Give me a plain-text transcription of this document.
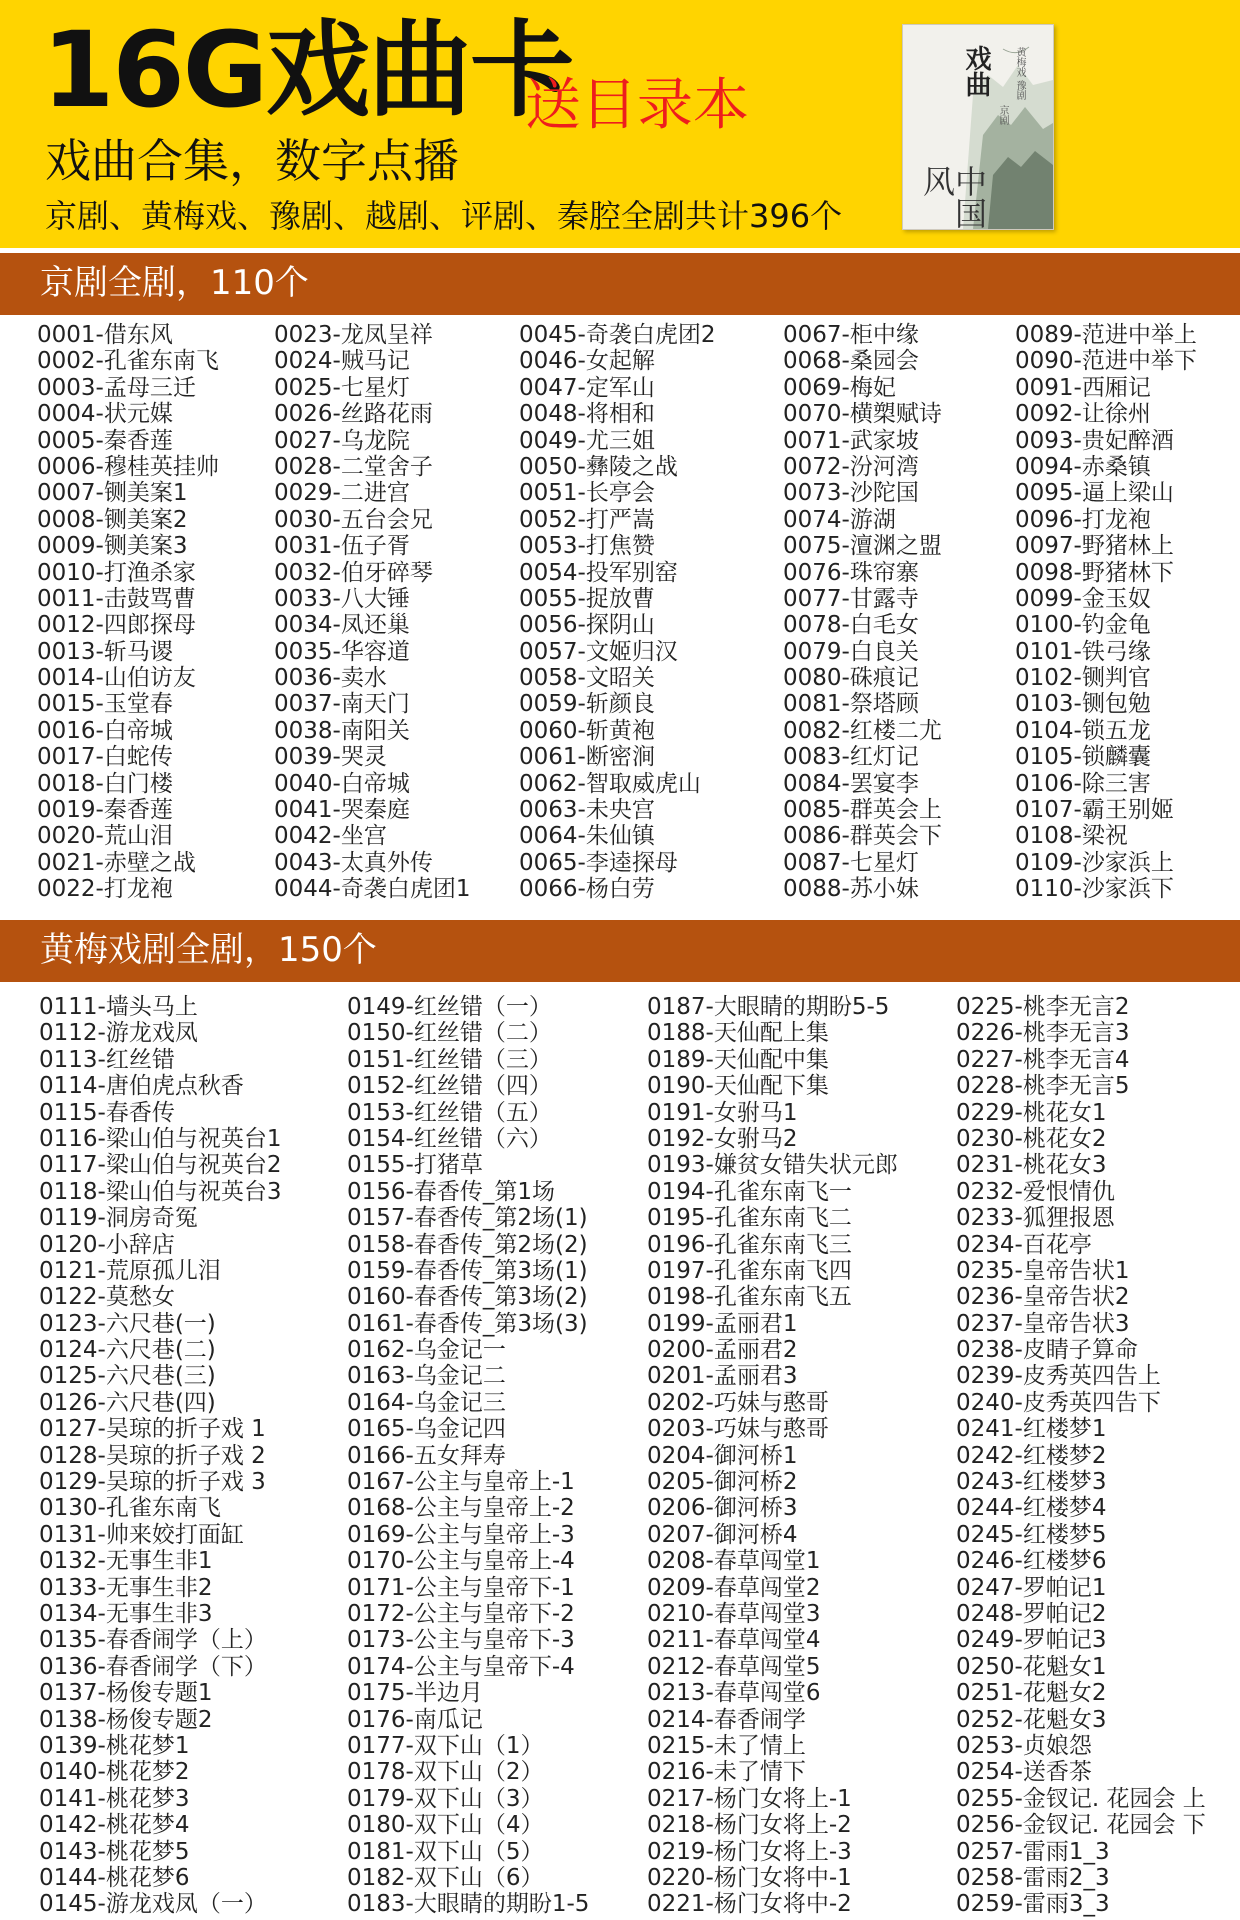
16G戏曲卡
送目录本
戏曲合集，数字点播
京剧、黄梅戏、豫剧、越剧、评剧、秦腔全剧共计396个
戏曲 黄梅戏 豫剧
京剧
中国风
京剧全剧，110个
0001-借东风
0002-孔雀东南飞
0003-孟母三迁
0004-状元媒
0005-秦香莲
0006-穆桂英挂帅
0007-铡美案1
0008-铡美案2
0009-铡美案3
0010-打渔杀家
0011-击鼓骂曹
0012-四郎探母
0013-斩马谡
0014-山伯访友
0015-玉堂春
0016-白帝城
0017-白蛇传
0018-白门楼
0019-秦香莲
0020-荒山泪
0021-赤壁之战
0022-打龙袍
0023-龙凤呈祥
0024-贼马记
0025-七星灯
0026-丝路花雨
0027-乌龙院
0028-二堂舍子
0029-二进宫
0030-五台会兄
0031-伍子胥
0032-伯牙碎琴
0033-八大锤
0034-凤还巢
0035-华容道
0036-卖水
0037-南天门
0038-南阳关
0039-哭灵
0040-白帝城
0041-哭秦庭
0042-坐宫
0043-太真外传
0044-奇袭白虎团1
0045-奇袭白虎团2
0046-女起解
0047-定军山
0048-将相和
0049-尤三姐
0050-彝陵之战
0051-长亭会
0052-打严嵩
0053-打焦赞
0054-投军别窑
0055-捉放曹
0056-探阴山
0057-文姬归汉
0058-文昭关
0059-斩颜良
0060-斩黄袍
0061-断密涧
0062-智取威虎山
0063-未央宫
0064-朱仙镇
0065-李逵探母
0066-杨白劳
0067-柜中缘
0068-桑园会
0069-梅妃
0070-横槊赋诗
0071-武家坡
0072-汾河湾
0073-沙陀国
0074-游湖
0075-澶渊之盟
0076-珠帘寨
0077-甘露寺
0078-白毛女
0079-白良关
0080-硃痕记
0081-祭塔顾
0082-红楼二尤
0083-红灯记
0084-罢宴李
0085-群英会上
0086-群英会下
0087-七星灯
0088-苏小妹
0089-范进中举上
0090-范进中举下
0091-西厢记
0092-让徐州
0093-贵妃醉酒
0094-赤桑镇
0095-逼上梁山
0096-打龙袍
0097-野猪林上
0098-野猪林下
0099-金玉奴
0100-钓金龟
0101-铁弓缘
0102-铡判官
0103-铡包勉
0104-锁五龙
0105-锁麟囊
0106-除三害
0107-霸王别姬
0108-梁祝
0109-沙家浜上
0110-沙家浜下
黄梅戏剧全剧，150个
0111-墙头马上
0112-游龙戏凤
0113-红丝错
0114-唐伯虎点秋香
0115-春香传
0116-梁山伯与祝英台1
0117-梁山伯与祝英台2
0118-梁山伯与祝英台3
0119-洞房奇冤
0120-小辞店
0121-荒原孤儿泪
0122-莫愁女
0123-六尺巷(一)
0124-六尺巷(二)
0125-六尺巷(三)
0126-六尺巷(四)
0127-吴琼的折子戏 1
0128-吴琼的折子戏 2
0129-吴琼的折子戏 3
0130-孔雀东南飞
0131-帅来姣打面缸
0132-无事生非1
0133-无事生非2
0134-无事生非3
0135-春香闹学（上）
0136-春香闹学（下）
0137-杨俊专题1
0138-杨俊专题2
0139-桃花梦1
0140-桃花梦2
0141-桃花梦3
0142-桃花梦4
0143-桃花梦5
0144-桃花梦6
0145-游龙戏凤（一）
0149-红丝错（一）
0150-红丝错（二）
0151-红丝错（三）
0152-红丝错（四）
0153-红丝错（五）
0154-红丝错（六）
0155-打猪草
0156-春香传_第1场
0157-春香传_第2场(1)
0158-春香传_第2场(2)
0159-春香传_第3场(1)
0160-春香传_第3场(2)
0161-春香传_第3场(3)
0162-乌金记一
0163-乌金记二
0164-乌金记三
0165-乌金记四
0166-五女拜寿
0167-公主与皇帝上-1
0168-公主与皇帝上-2
0169-公主与皇帝上-3
0170-公主与皇帝上-4
0171-公主与皇帝下-1
0172-公主与皇帝下-2
0173-公主与皇帝下-3
0174-公主与皇帝下-4
0175-半边月
0176-南瓜记
0177-双下山（1）
0178-双下山（2）
0179-双下山（3）
0180-双下山（4）
0181-双下山（5）
0182-双下山（6）
0183-大眼睛的期盼1-5
0187-大眼睛的期盼5-5
0188-天仙配上集
0189-天仙配中集
0190-天仙配下集
0191-女驸马1
0192-女驸马2
0193-嫌贫女错失状元郎
0194-孔雀东南飞一
0195-孔雀东南飞二
0196-孔雀东南飞三
0197-孔雀东南飞四
0198-孔雀东南飞五
0199-孟丽君1
0200-孟丽君2
0201-孟丽君3
0202-巧妹与憨哥
0203-巧妹与憨哥
0204-御河桥1
0205-御河桥2
0206-御河桥3
0207-御河桥4
0208-春草闯堂1
0209-春草闯堂2
0210-春草闯堂3
0211-春草闯堂4
0212-春草闯堂5
0213-春草闯堂6
0214-春香闹学
0215-未了情上
0216-未了情下
0217-杨门女将上-1
0218-杨门女将上-2
0219-杨门女将上-3
0220-杨门女将中-1
0221-杨门女将中-2
0225-桃李无言2
0226-桃李无言3
0227-桃李无言4
0228-桃李无言5
0229-桃花女1
0230-桃花女2
0231-桃花女3
0232-爱恨情仇
0233-狐狸报恩
0234-百花亭
0235-皇帝告状1
0236-皇帝告状2
0237-皇帝告状3
0238-皮睛子算命
0239-皮秀英四告上
0240-皮秀英四告下
0241-红楼梦1
0242-红楼梦2
0243-红楼梦3
0244-红楼梦4
0245-红楼梦5
0246-红楼梦6
0247-罗帕记1
0248-罗帕记2
0249-罗帕记3
0250-花魁女1
0251-花魁女2
0252-花魁女3
0253-贞娘怨
0254-送香茶
0255-金钗记. 花园会 上
0256-金钗记. 花园会 下
0257-雷雨1_3
0258-雷雨2_3
0259-雷雨3_3
